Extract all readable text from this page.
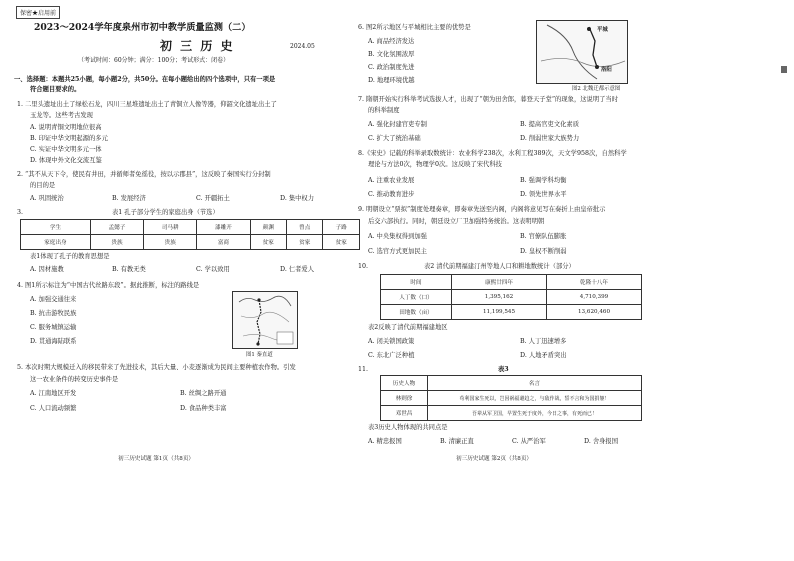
保密★启用前
2023～2024学年度泉州市初中教学质量监测（二）
初 三 历 史	2024.05
（考试时间：60分钟；满分：100分；考试形式：闭卷）
一、选择题：本题共25小题，每小题2分，共50分。在每小题给出的四个选项中，只有一项是
符合题目要求的。
1. 二里头遗址出土了绿松石龙，四川三星堆遗址出土了青铜立人像等器，仰韶文化遗址出土了
玉龙等。这些考古发现
A. 说明青铜文明地位很高
B. 印证中华文明起源的多元
C. 实证中华文明多元一体
D. 体现中外文化交流互鉴
2. “其不从天下令，使民有井田，并循师者免徭役，按以示郡县”，这反映了秦国实行分封制
的目的是
A. 巩固统治	B. 发展经济	C. 开疆拓土	D. 集中权力
3.	表1 孔子部分学生的家庭出身（节选）
学生	孟懿子	司马耕	漆雕开	颜渊	曾点	子路
家庭出身	贵族	贵族	富商	贫家	贫家	贫家
表1体现了孔子的教育思想是
A. 因材施教	B. 有教无类	C. 学以致用	D. 仁者爱人
4. 图1所示标注为“中国古代丝路东段”。据此推断，标注的路线是
A. 加强交通往来
B. 抗击游牧民族
C. 服务城镇运输
D. 贯通海陆联系
图1 秦直道
5. 本次时期大规模迁入的移民带来了先进技术，其后大量、小麦逐渐成为民间主要种植农作物。引发
这一农业条件的转变历史事件是
A. 江南地区开发	B. 丝绸之路开通
C. 人口流动频繁	D. 食品种类丰富
初三历史试题 第1页（共8页）
6. 图2所示地区与平城相比主要的优势是
A. 商品经济发达
B. 文化氛围浓厚
C. 政治制度先进
D. 地理环境优越
平城
洛阳
图2 北魏迁都示意图
7. 隋朝开始实行科举考试选拔人才，出现了“朝为田舍郎，暮登天子堂”的现象，这说明了当时
的科举制度
A. 强化封建官吏专制	B. 提高官吏文化素质
C. 扩大了统治基础	D. 削弱世家大族势力
8.《宋史》记载的科举录取数统计：农业科学238次，水利工程389次，天文学958次，自然科学
理论与方法0次，物理学0次。这反映了宋代科技
A. 注重农业发展	B. 强调学科均衡
C. 推动教育进步	D. 领先世界水平
9. 明朝设立“票拟”制度处理奏章，即奏章先送至内阁，内阁将意见写在奏折上由皇帝批示
后交六部执行。同时，朝廷设立厂卫加强特务统治。这表明明朝
A. 中央集权得到加强	B. 官僚队伍膨胀
C. 选官方式更加民主	D. 皇权不断削弱
10.	表2 清代前期福建汀州等地人口和耕地数统计（部分）
时间	康熙廿四年	乾隆十八年
人丁数（口）	1,395,162	4,710,399
田地数（亩）	11,199,545	13,620,460
表2反映了清代前期福建地区
A. 闭关锁国政策	B. 人丁迅速增多
C. 东北广泛种植	D. 人地矛盾突出
11.	表3
历史人物	名言
林则徐	苟利国家生死以，岂因祸福避趋之，与敌作战，誓不言和为国捐躯！
邓世昌	吾辈从军卫国，早置生死于度外，今日之事，有死而已！
表3历史人物体现的共同点是
A. 精忠报国	B. 清廉正直	C. 从严治军	D. 舍身报国
初三历史试题 第2页（共8页）
